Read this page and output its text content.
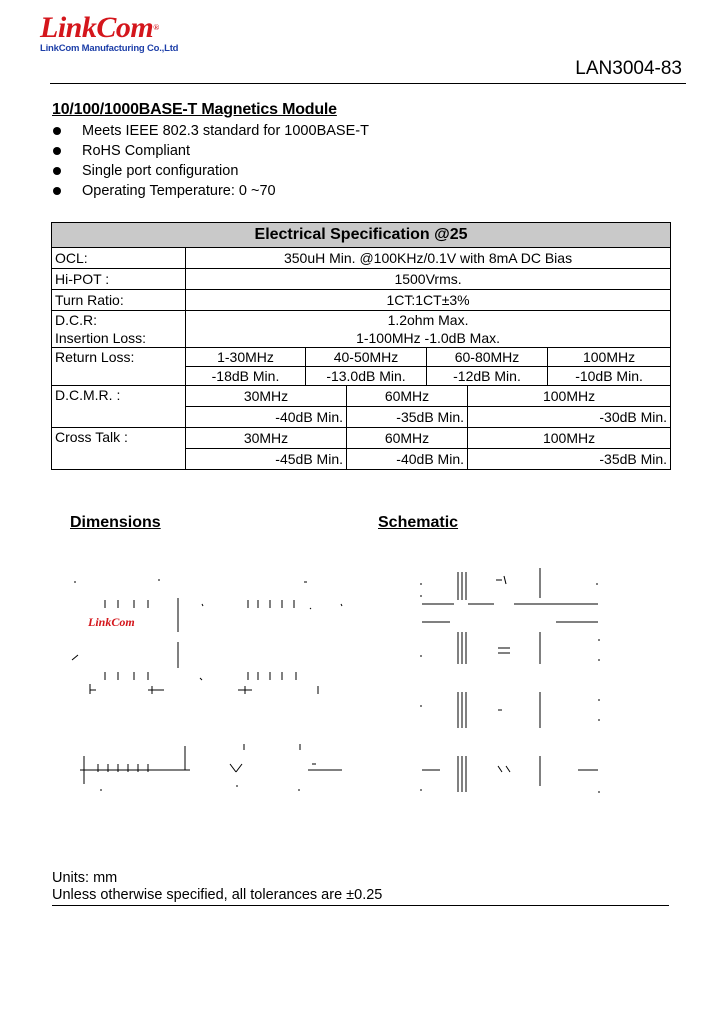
LinkCom®
LinkCom Manufacturing Co.,Ltd
LAN3004-83
10/100/1000BASE-T Magnetics Module
Meets IEEE 802.3 standard for 1000BASE-T
RoHS Compliant
Single port configuration
Operating Temperature: 0 ~70
Electrical Specification @25						
OCL:	350uH Min. @100KHz/0.1V with 8mA DC Bias					
Hi-POT :	1500Vrms.					
Turn Ratio:	1CT:1CT±3%					
D.C.R:	1.2ohm Max.					
Insertion Loss:	1-100MHz -1.0dB Max.					
Return Loss:	1-30MHz	40-50MHz		60-80MHz		100MHz
	-18dB Min.	-13.0dB Min.		-12dB Min.		-10dB Min.
D.C.M.R. :	30MHz		60MHz		100MHz	
	-40dB Min.		-35dB Min.		-30dB Min.	
Cross Talk :	30MHz		60MHz		100MHz	
	-45dB Min.		-40dB Min.		-35dB Min.	
Dimensions	Schematic
LinkCom
Units: mm
Unless otherwise specified, all tolerances are ±0.25
